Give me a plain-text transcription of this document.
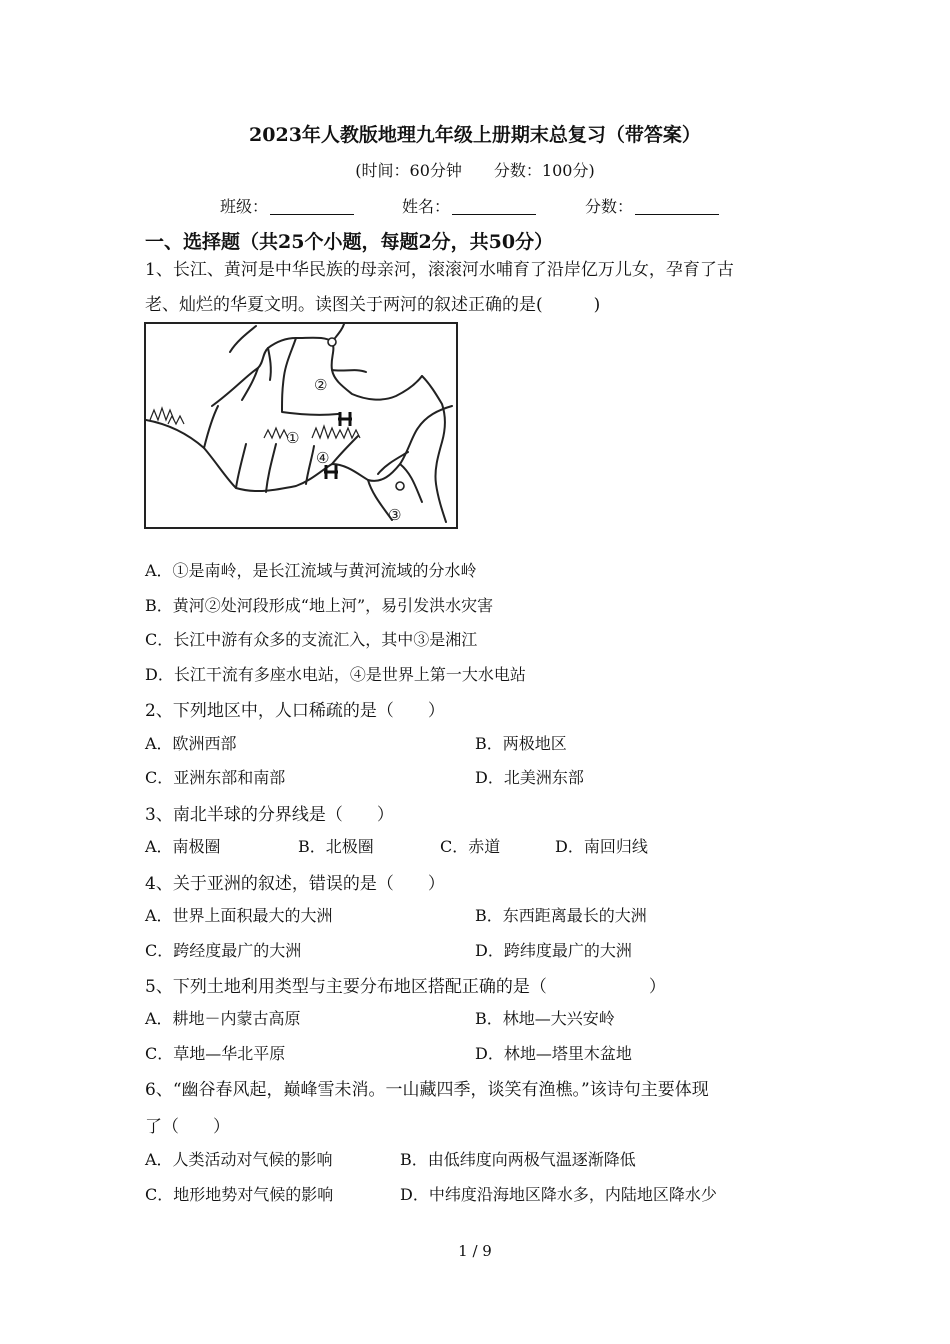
2023年人教版地理九年级上册期末总复习（带答案）
(时间：60分钟　　分数：100分)
班级：	姓名：	分数：
一、选择题（共25个小题，每题2分，共50分）
1、长江、黄河是中华民族的母亲河，滚滚河水哺育了沿岸亿万儿女，孕育了古
老、灿烂的华夏文明。读图关于两河的叙述正确的是(　　　)
②
①
④
③
A．①是南岭，是长江流域与黄河流域的分水岭
B．黄河②处河段形成“地上河”，易引发洪水灾害
C．长江中游有众多的支流汇入，其中③是湘江
D．长江干流有多座水电站，④是世界上第一大水电站
2、下列地区中，人口稀疏的是（　　）
A．欧洲西部	B．两极地区
C．亚洲东部和南部	D．北美洲东部
3、南北半球的分界线是（　　）
A．南极圈	B．北极圈	C．赤道	D．南回归线
4、关于亚洲的叙述，错误的是（　　）
A．世界上面积最大的大洲	B．东西距离最长的大洲
C．跨经度最广的大洲	D．跨纬度最广的大洲
5、下列土地利用类型与主要分布地区搭配正确的是（　　　　　　）
A．耕地－内蒙古高原	B．林地—大兴安岭
C．草地—华北平原	D．林地—塔里木盆地
6、“幽谷春风起，巅峰雪未消。一山藏四季，谈笑有渔樵。”该诗句主要体现
了（　　）
A．人类活动对气候的影响	B．由低纬度向两极气温逐渐降低
C．地形地势对气候的影响	D．中纬度沿海地区降水多，内陆地区降水少
1 / 9
